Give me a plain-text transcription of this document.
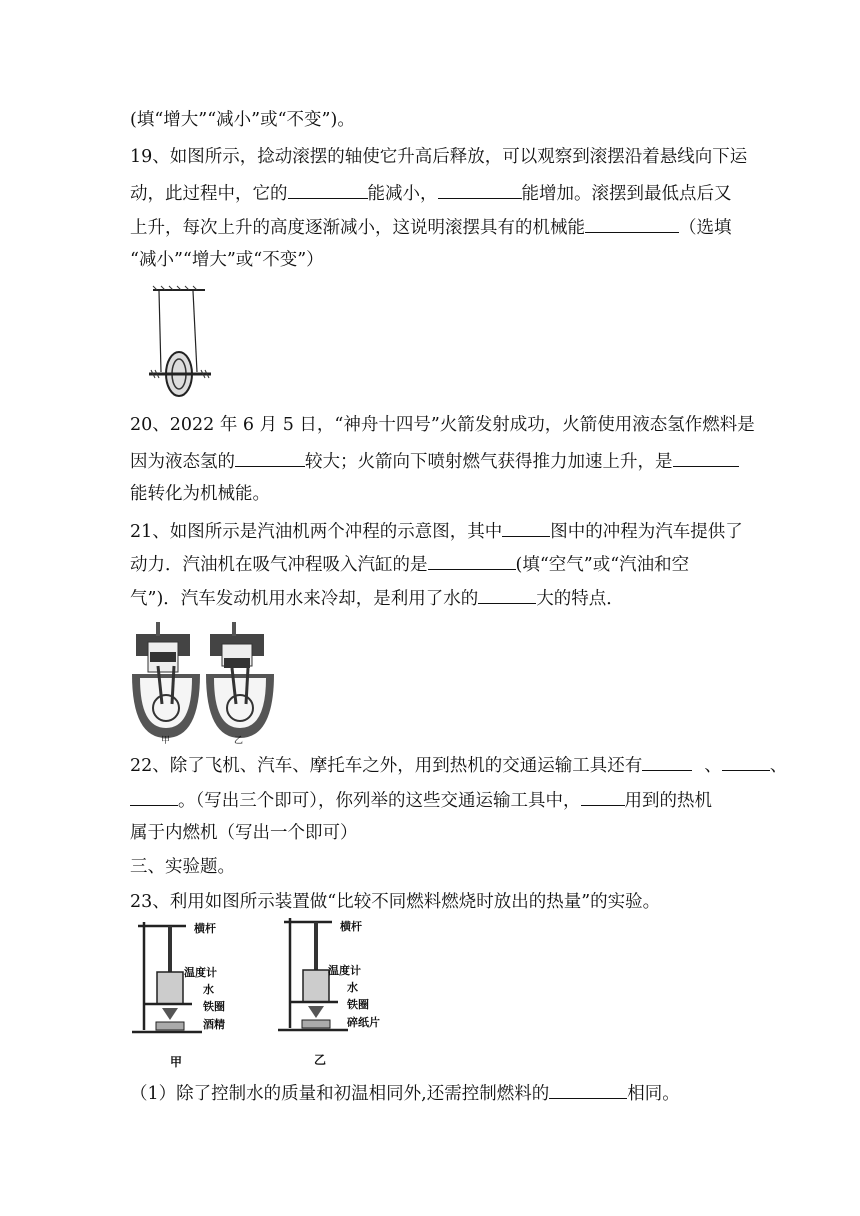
(填“增大”“减小”或“不变”)。
19、如图所示，捻动滚摆的轴使它升高后释放，可以观察到滚摆沿着悬线向下运
动，此过程中，它的	能减小，	能增加。滚摆到最低点后又
上升，每次上升的高度逐渐减小，这说明滚摆具有的机械能	（选填
“减小”“增大”或“不变”）
20、2022 年 6 月 5 日，“神舟十四号”火箭发射成功，火箭使用液态氢作燃料是
因为液态氢的	较大；火箭向下喷射燃气获得推力加速上升，是
能转化为机械能。
21、如图所示是汽油机两个冲程的示意图，其中	图中的冲程为汽车提供了
动力．汽油机在吸气冲程吸入汽缸的是	(填“空气”或“汽油和空
气”)．汽车发动机用水来冷却，是利用了水的	大的特点．
甲	乙
22、除了飞机、汽车、摩托车之外，用到热机的交通运输工具还有	、	、
。（写出三个即可），你列举的这些交通运输工具中，	用到的热机
属于内燃机（写出一个即可）
三、实验题。
23、利用如图所示装置做“比较不同燃料燃烧时放出的热量”的实验。
横杆
温度计
水
铁圈
酒精
甲
横杆
温度计
水
铁圈
碎纸片
乙
（1）除了控制水的质量和初温相同外,还需控制燃料的	相同。
